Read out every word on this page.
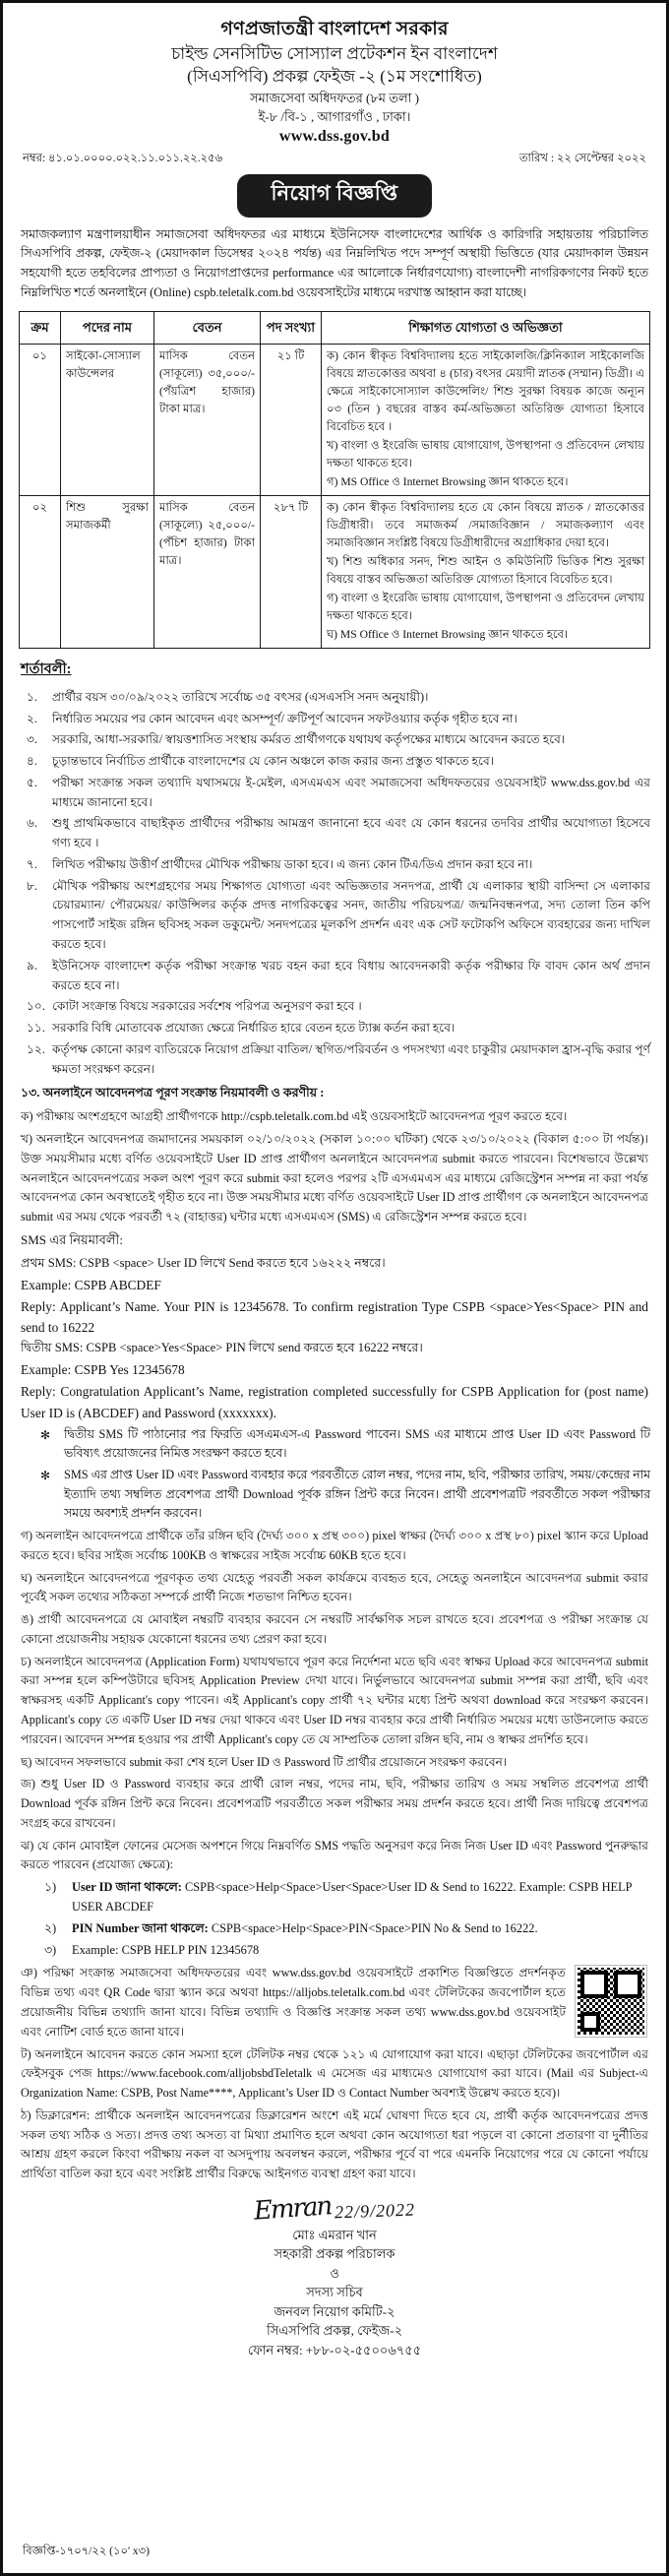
গণপ্রজাতন্ত্রী বাংলাদেশ সরকার
চাইল্ড সেনসিটিভ সোস্যাল প্রটেকশন ইন বাংলাদেশ
(সিএসপিবি) প্রকল্প ফেইজ -২ (১ম সংশোধিত)
সমাজসেবা অধিদফতর (৮ম তলা )
ই-৮ /বি-১ , আগারগাঁও , ঢাকা।
www.dss.gov.bd
নম্বর: ৪১.০১.০০০০.০২২.১১.০১১.২২.২৫৬	তারিখ : ২২ সেপ্টেম্বর ২০২২
নিয়োগ বিজ্ঞপ্তি

সমাজকল্যাণ মন্ত্রণালয়াধীন সমাজসেবা অধিদফতর এর মাধ্যমে ইউনিসেফ বাংলাদেশের আর্থিক ও কারিগরি সহায়তায় পরিচালিত সিএসপিবি প্রকল্প, ফেইজ-২ (মেয়াদকাল ডিসেম্বর ২০২৪ পর্যন্ত) এর নিম্নলিখিত পদে সম্পূর্ণ অস্থায়ী ভিত্তিতে (যার মেয়াদকাল উন্নয়ন সহযোগী হতে তহবিলের প্রাপ্যতা ও নিয়োগপ্রাপ্তদের performance এর আলোকে নির্ধারণযোগ্য) বাংলাদেশী নাগরিকগণের নিকট হতে নিম্নলিখিত শর্তে অনলাইনে (Online) cspb.teletalk.com.bd ওয়েবসাইটের মাধ্যমে দরখাস্ত আহ্বান করা যাচ্ছে।

ক্রম	পদের নাম	বেতন	পদ সংখ্যা	শিক্ষাগত যোগ্যতা ও অভিজ্ঞতা
০১	সাইকো-সোস্যাল কাউন্সেলর	মাসিক বেতন (সাকূল্যে) ৩৫,০০০/- (পঁয়ত্রিশ হাজার) টাকা মাত্র।	২১ টি	ক) কোন স্বীকৃত বিশ্ববিদ্যালয় হতে সাইকোলজি/ক্লিনিক্যাল সাইকোলজি বিষয়ে স্নাতকোত্তর অথবা ৪ (চার) বৎসর মেয়াদী স্নাতক (সম্মান) ডিগ্রী। এ ক্ষেত্রে সাইকোসোস্যাল কাউন্সেলিং/ শিশু সুরক্ষা বিষয়ক কাজে অন্যূন ০৩ (তিন ) বছরের বাস্তব কর্ম-অভিজ্ঞতা অতিরিক্ত যোগ্যতা হিসাবে বিবেচিত হবে ।
খ) বাংলা ও ইংরেজি ভাষায় যোগাযোগ, উপস্থাপনা ও প্রতিবেদন লেখায় দক্ষতা থাকতে হবে।
গ) MS Office ও Internet Browsing জ্ঞান থাকতে হবে।

০২	শিশু সুরক্ষা সমাজকর্মী	মাসিক বেতন (সাকূল্যে) ২৫,০০০/- (পঁচিশ হাজার) টাকা মাত্র।	২৮৭ টি	ক) কোন স্বীকৃত বিশ্ববিদ্যালয় হতে যে কোন বিষয়ে স্নাতক / স্নাতকোত্তর ডিগ্রীধারী। তবে সমাজকর্ম /সমাজবিজ্ঞান / সমাজকল্যাণ এবং সমাজবিজ্ঞান সংশ্লিষ্ট বিষয়ে ডিগ্রীধারীদের অগ্রাধিকার দেয়া হবে।
খ) শিশু অধিকার সনদ, শিশু আইন ও কমিউনিটি ভিত্তিক শিশু সুরক্ষা বিষয়ে বাস্তব অভিজ্ঞতা অতিরিক্ত যোগ্যতা হিসাবে বিবেচিত হবে।
গ) বাংলা ও ইংরেজি ভাষায় যোগাযোগ, উপস্থাপনা ও প্রতিবেদন লেখায় দক্ষতা থাকতে হবে।
ঘ) MS Office ও Internet Browsing জ্ঞান থাকতে হবে।
শর্তাবলী:
১.	প্রার্থীর বয়স ৩০/০৯/২০২২ তারিখে সর্বোচ্চ ৩৫ বৎসর (এসএসসি সনদ অনুযায়ী)।
২.	নির্ধারিত সময়ের পর কোন আবেদন এবং অসম্পূর্ণ/ ক্রটিপূর্ণ আবেদন সফটওয়্যার কর্তৃক গৃহীত হবে না।
৩.	সরকারি, আধা-সরকারি/ স্বায়ত্তশাসিত সংস্থায় কর্মরত প্রার্থীগণকে যথাযথ কর্তৃপক্ষের মাধ্যমে আবেদন করতে হবে।
৪.	চূড়ান্তভাবে নির্বাচিত প্রার্থীকে বাংলাদেশের যে কোন অঞ্চলে কাজ করার জন্য প্রস্তুত থাকতে হবে।
৫.	পরীক্ষা সংক্রান্ত সকল তথ্যাদি যথাসময়ে ই-মেইল, এসএমএস এবং সমাজসেবা অধিদফতরের ওয়েবসাইট www.dss.gov.bd এর মাধ্যমে জানানো হবে।
৬.	শুধু প্রাথমিকভাবে বাছাইকৃত প্রার্থীদের পরীক্ষায় আমন্ত্রণ জানানো হবে এবং যে কোন ধরনের তদবির প্রার্থীর অযোগ্যতা হিসেবে গণ্য হবে ।
৭.	লিখিত পরীক্ষায় উত্তীর্ণ প্রার্থীদের মৌখিক পরীক্ষায় ডাকা হবে। এ জন্য কোন টিএ/ডিএ প্রদান করা হবে না।
৮.	মৌখিক পরীক্ষায় অংশগ্রহণের সময় শিক্ষাগত যোগ্যতা এবং অভিজ্ঞতার সনদপত্র, প্রার্থী যে এলাকার স্থায়ী বাসিন্দা সে এলাকার চেয়ারম্যান/ পৌরমেয়র/ কাউন্সিলর কর্তৃক প্রদত্ত নাগরিকত্বের সনদ, জাতীয় পরিচয়পত্র/ জন্মনিবন্ধনপত্র, সদ্য তোলা তিন কপি পাসপোর্ট সাইজ রঙ্গিন ছবিসহ সকল ডকুমেন্ট/ সনদপত্রের মূলকপি প্রদর্শন এবং এক সেট ফটোকপি অফিসে ব্যবহারের জন্য দাখিল করতে হবে।
৯.	ইউনিসেফ বাংলাদেশ কর্তৃক পরীক্ষা সংক্রান্ত খরচ বহন করা হবে বিধায় আবেদনকারী কর্তৃক পরীক্ষার ফি বাবদ কোন অর্থ প্রদান করতে হবে না।
১০. কোটা সংক্রান্ত বিষয়ে সরকারের সর্বশেষ পরিপত্র অনুসরণ করা হবে ।
১১. সরকারি বিধি মোতাবেক প্রযোজ্য ক্ষেত্রে নির্ধারিত হারে বেতন হতে ট্যাক্স কর্তন করা হবে।
১২. কর্তৃপক্ষ কোনো কারণ ব্যতিরেকে নিয়োগ প্রক্রিয়া বাতিল/ স্থগিত/পরিবর্তন ও পদসংখ্যা এবং চাকুরীর মেয়াদকাল হ্রাস-বৃদ্ধি করার পূর্ণ ক্ষমতা সংরক্ষণ করেন।
১৩. অনলাইনে আবেদনপত্র পূরণ সংক্রান্ত নিয়মাবলী ও করণীয় :

ক) পরীক্ষায় অংশগ্রহণে আগ্রহী প্রার্থীগণকে http://cspb.teletalk.com.bd এই ওয়েবসাইটে আবেদনপত্র পূরণ করতে হবে।

খ) অনলাইনে আবেদনপত্র জমাদানের সময়কাল ০২/১০/২০২২ (সকাল ১০:০০ ঘটিকা) থেকে ২৩/১০/২০২২ (বিকাল ৫:০০ টা পর্যন্ত)। উক্ত সময়সীমার মধ্যে বর্ণিত ওয়েবসাইটে User ID প্রাপ্ত প্রার্থীগণ অনলাইনে আবেদনপত্র submit করতে পারবেন। বিশেষভাবে উল্লেখ্য অনলাইনে আবেদনপত্রের সকল অংশ পূরণ করে submit করা হলেও পরপর ২টি এসএমএস এর মাধ্যমে রেজিস্ট্রেশন সম্পন্ন না করা পর্যন্ত আবেদনপত্র কোন অবস্থাতেই গৃহীত হবে না। উক্ত সময়সীমার মধ্যে বর্ণিত ওয়েবসাইটে User ID প্রাপ্ত প্রার্থীগণ কে অনলাইনে আবেদনপত্র submit এর সময় থেকে পরবর্তী ৭২ (বাহাত্তর) ঘন্টার মধ্যে এসএমএস (SMS) এ রেজিস্ট্রেশন সম্পন্ন করতে হবে।

SMS এর নিয়মাবলী:
প্রথম SMS: CSPB <space> User ID লিখে Send করতে হবে ১৬২২২ নম্বরে।
Example: CSPB ABCDEF
Reply: Applicant’s Name. Your PIN is 12345678. To confirm registration Type CSPB <space>Yes<Space> PIN and send to 16222
দ্বিতীয় SMS: CSPB <space>Yes<Space> PIN লিখে send করতে হবে 16222 নম্বরে।
Example: CSPB Yes 12345678
Reply: Congratulation Applicant’s Name, registration completed successfully for CSPB Application for (post name) User ID is (ABCDEF) and Password (xxxxxxx).
✻ দ্বিতীয় SMS টি পাঠানোর পর ফিরতি এসএমএস-এ Password পাবেন। SMS এর মাধ্যমে প্রাপ্ত User ID এবং Password টি ভবিষ্যৎ প্রয়োজনের নিমিত্ত সংরক্ষণ করতে হবে।
✻ SMS এর প্রাপ্ত User ID এবং Password ব্যবহার করে পরবর্তীতে রোল নম্বর, পদের নাম, ছবি, পরীক্ষার তারিখ, সময়/কেন্দ্রের নাম ইত্যাদি তথ্য সম্বলিত প্রবেশপত্র প্রার্থী Download পূর্বক রঙ্গিন প্রিন্ট করে নিবেন। প্রার্থী প্রবেশপত্রটি পরবর্তীতে সকল পরীক্ষার সময়ে অবশ্যই প্রদর্শন করবেন।

গ) অনলাইন আবেদনপত্রে প্রার্থীকে তাঁর রঙ্গিন ছবি (দৈর্ঘ্য ৩০০ x প্রস্থ ৩০০) pixel স্বাক্ষর (দৈর্ঘ্য ৩০০ x প্রস্থ ৮০) pixel স্ক্যান করে Upload করতে হবে। ছবির সাইজ সর্বোচ্চ 100KB ও স্বাক্ষরের সাইজ সর্বোচ্চ 60KB হতে হবে।

ঘ) অনলাইনে আবেদনপত্রে পূরণকৃত তথ্য যেহেতু পরবর্তী সকল কার্যক্রমে ব্যবহৃত হবে, সেহেতু অনলাইনে আবেদনপত্র submit করার পূর্বেই সকল তথ্যের সঠিকতা সম্পর্কে প্রার্থী নিজে শতভাগ নিশ্চিত হবেন।

ঙ) প্রার্থী আবেদনপত্রে যে মোবাইল নম্বরটি ব্যবহার করবেন সে নম্বরটি সার্বক্ষণিক সচল রাখতে হবে। প্রবেশপত্র ও পরীক্ষা সংক্রান্ত যে কোনো প্রয়োজনীয় সহায়ক যেকোনো ধরনের তথ্য প্রেরণ করা হবে।

চ) অনলাইনে আবেদনপত্র (Application Form) যথাযথভাবে পূরণ করে নির্দেশনা মতে ছবি এবং স্বাক্ষর Upload করে আবেদনপত্র submit করা সম্পন্ন হলে কম্পিউটারে ছবিসহ Application Preview দেখা যাবে। নির্ভুলভাবে আবেদনপত্র submit সম্পন্ন করা প্রার্থী, ছবি এবং স্বাক্ষরসহ একটি Applicant's copy পাবেন। এই Applicant's copy প্রার্থী ৭২ ঘন্টার মধ্যে প্রিন্ট অথবা download করে সংরক্ষণ করবেন। Applicant's copy তে একটি User ID নম্বর দেয়া থাকবে এবং User ID নম্বর ব্যবহার করে প্রার্থী নির্ধারিত সময়ের মধ্যে ডাউনলোড করতে পারবেন। আবেদন সম্পন্ন হওয়ার পর প্রার্থী Applicant's copy তে যে সাম্প্রতিক তোলা রঙ্গিন ছবি, নাম ও স্বাক্ষর প্রদর্শিত হবে।

ছ) আবেদন সফলভাবে submit করা শেষ হলে User ID ও Password টি প্রার্থীর প্রয়োজনে সংরক্ষণ করবেন।

জ) শুধু User ID ও Password ব্যবহার করে প্রার্থী রোল নম্বর, পদের নাম, ছবি, পরীক্ষার তারিখ ও সময় সম্বলিত প্রবেশপত্র প্রার্থী Download পূর্বক রঙ্গিন প্রিন্ট করে নিবেন। প্রবেশপত্রটি পরবর্তীতে সকল পরীক্ষার সময় প্রদর্শন করতে হবে। প্রার্থী নিজ দায়িত্বে প্রবেশপত্র সংগ্রহ করে রাখবেন।

ঝ) যে কোন মোবাইল ফোনের মেসেজ অপশনে গিয়ে নিম্নবর্ণিত SMS পদ্ধতি অনুসরণ করে নিজ নিজ User ID এবং Password পুনরুদ্ধার করতে পারবেন (প্রযোজ্য ক্ষেত্রে):

১) User ID জানা থাকলে: CSPB<space>Help<Space>User<Space>User ID & Send to 16222. Example: CSPB HELP USER ABCDEF
২) PIN Number জানা থাকলে: CSPB<space>Help<Space>PIN<Space>PIN No & Send to 16222.
৩) Example: CSPB HELP PIN 12345678

ঞ) পরিক্ষা সংক্রান্ত সমাজসেবা অধিদফতরের এবং www.dss.gov.bd ওয়েবসাইটে প্রকাশিত বিজ্ঞপ্তিতে প্রদর্শনকৃত বিভিন্ন তথ্য এবং QR Code দ্বারা স্ক্যান করে অথবা https://alljobs.teletalk.com.bd এবং টেলিটকের জবপোর্টাল হতে প্রয়োজনীয় বিভিন্ন তথ্যাদি জানা যাবে। বিভিন্ন তথ্যাদি ও বিজ্ঞপ্তি সংক্রান্ত সকল তথ্য www.dss.gov.bd ওয়েবসাইট এবং নোটিশ বোর্ড হতে জানা যাবে।

ট) অনলাইনে আবেদন করতে কোন সমস্যা হলে টেলিটক নম্বর থেকে ১২১ এ যোগাযোগ করা যাবে। এছাড়া টেলিটকের জবপোর্টাল এর ফেইসবুক পেজ https://www.facebook.com/alljobsbdTeletalk এ মেসেজ এর মাধ্যমেও যোগাযোগ করা যাবে। (Mail এর Subject-এ Organization Name: CSPB, Post Name****, Applicant’s User ID ও Contact Number অবশ্যই উল্লেখ করতে হবে)।

ঠ) ডিক্লারেশন: প্রার্থীকে অনলাইন আবেদনপত্রের ডিক্লারেশন অংশে এই মর্মে ঘোষণা দিতে হবে যে, প্রার্থী কর্তৃক আবেদনপত্রের প্রদত্ত সকল তথ্য সঠিক ও সত্য। প্রদত্ত তথ্য অসত্য বা মিথ্যা প্রমাণিত হলে অথবা কোন অযোগ্যতা ধরা পড়লে বা কোনো প্রতারণা বা দুর্নীতির আশ্রয় গ্রহণ করলে কিংবা পরীক্ষায় নকল বা অসদুপায় অবলম্বন করলে, পরীক্ষার পূর্বে বা পরে এমনকি নিয়োগের পরে যে কোনো পর্যায়ে প্রার্থিতা বাতিল করা হবে এবং সংশ্লিষ্ট প্রার্থীর বিরুদ্ধে আইনগত ব্যবস্থা গ্রহণ করা যাবে।

Emran 22/9/2022
মোঃ এমরান খান
সহকারী প্রকল্প পরিচালক
ও
সদস্য সচিব
জনবল নিয়োগ কমিটি-২
সিএসপিবি প্রকল্প, ফেইজ-২
ফোন নম্বর: +৮৮-০২-৫৫০০৬৭৫৫
বিজ্ঞপ্তি-১৭০৭/২২ (১০' x৩)
